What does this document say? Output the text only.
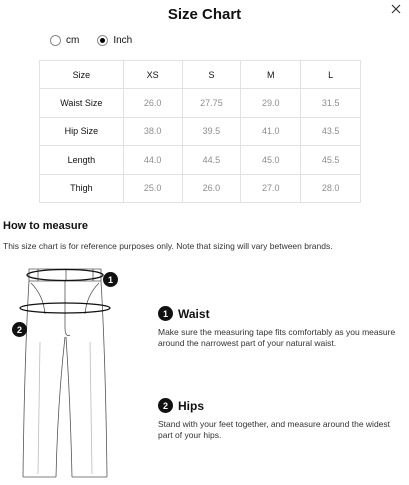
Size Chart
cm	Inch
Size	XS	S	M	L
Waist Size	26.0	27.75	29.0	31.5
Hip Size	38.0	39.5	41.0	43.5
Length	44.0	44.5	45.0	45.5
Thigh	25.0	26.0	27.0	28.0
How to measure
This size chart is for reference purposes only. Note that sizing will vary between brands.
1
2
1 Waist
Make sure the measuring tape fits comfortably as you measure around the narrowest part of your natural waist.
2 Hips
Stand with your feet together, and measure around the widest part of your hips.
